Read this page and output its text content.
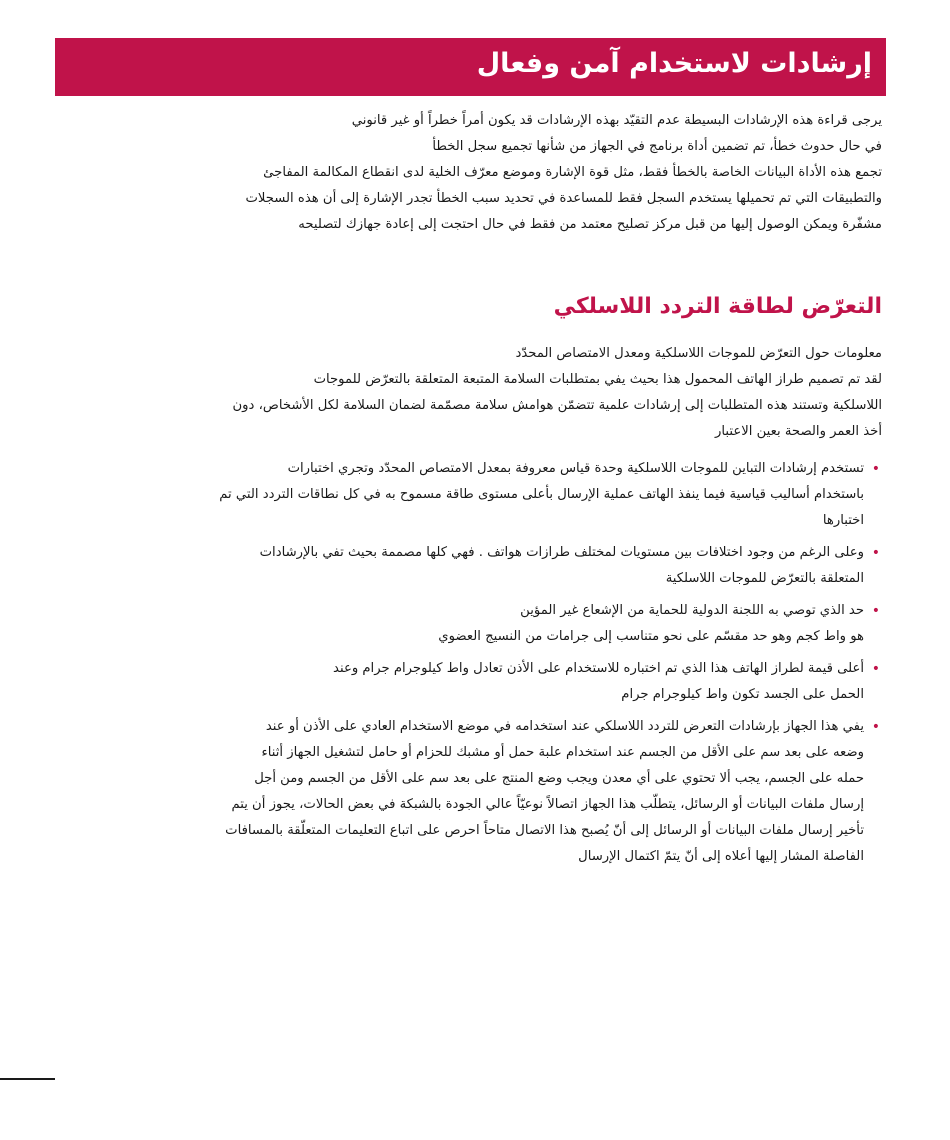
إرشادات لاستخدام آمن وفعال
يرجى قراءة هذه الإرشادات البسيطة عدم التقيّد بهذه الإرشادات قد يكون أمراً خطراً أو غير قانوني
في حال حدوث خطأ، تم تضمين أداة برنامج في الجهاز من شأنها تجميع سجل الخطأ
تجمع هذه الأداة البيانات الخاصة بالخطأ فقط، مثل قوة الإشارة وموضع معرّف الخلية لدى انقطاع المكالمة المفاجئ
والتطبيقات التي تم تحميلها يستخدم السجل فقط للمساعدة في تحديد سبب الخطأ تجدر الإشارة إلى أن هذه السجلات
مشفّرة ويمكن الوصول إليها من قبل مركز تصليح معتمد من فقط في حال احتجت إلى إعادة جهازك لتصليحه
التعرّض لطاقة التردد اللاسلكي
معلومات حول التعرّض للموجات اللاسلكية ومعدل الامتصاص المحدّد
لقد تم تصميم طراز الهاتف المحمول هذا بحيث يفي بمتطلبات السلامة المتبعة المتعلقة بالتعرّض للموجات
اللاسلكية وتستند هذه المتطلبات إلى إرشادات علمية تتضمّن هوامش سلامة مصمّمة لضمان السلامة لكل الأشخاص، دون
أخذ العمر والصحة بعين الاعتبار
•
تستخدم إرشادات التباين للموجات اللاسلكية وحدة قياس معروفة بمعدل الامتصاص المحدّد وتجري اختبارات
باستخدام أساليب قياسية فيما ينفذ الهاتف عملية الإرسال بأعلى مستوى طاقة مسموح به في كل نطاقات التردد التي تم
اختبارها
•
وعلى الرغم من وجود اختلافات بين مستويات لمختلف طرازات هواتف . فهي كلها مصممة بحيث تفي بالإرشادات
المتعلقة بالتعرّض للموجات اللاسلكية
•
حد الذي توصي به اللجنة الدولية للحماية من الإشعاع غير المؤين
هو واط كجم وهو حد مقسّم على نحو متناسب إلى جرامات من النسيج العضوي
•
أعلى قيمة لطراز الهاتف هذا الذي تم اختباره للاستخدام على الأذن تعادل واط كيلوجرام جرام وعند
الحمل على الجسد تكون واط كيلوجرام جرام
•
يفي هذا الجهاز بإرشادات التعرض للتردد اللاسلكي عند استخدامه في موضع الاستخدام العادي على الأذن أو عند
وضعه على بعد سم على الأقل من الجسم عند استخدام علبة حمل أو مشبك للحزام أو حامل لتشغيل الجهاز أثناء
حمله على الجسم، يجب ألا تحتوي على أي معدن ويجب وضع المنتج على بعد سم على الأقل من الجسم ومن أجل
إرسال ملفات البيانات أو الرسائل، يتطلّب هذا الجهاز اتصالاً نوعيّاً عالي الجودة بالشبكة في بعض الحالات، يجوز أن يتم
تأخير إرسال ملفات البيانات أو الرسائل إلى أنّ يُصبح هذا الاتصال متاحاً احرص على اتباع التعليمات المتعلّقة بالمسافات
الفاصلة المشار إليها أعلاه إلى أنّ يتمّ اكتمال الإرسال
